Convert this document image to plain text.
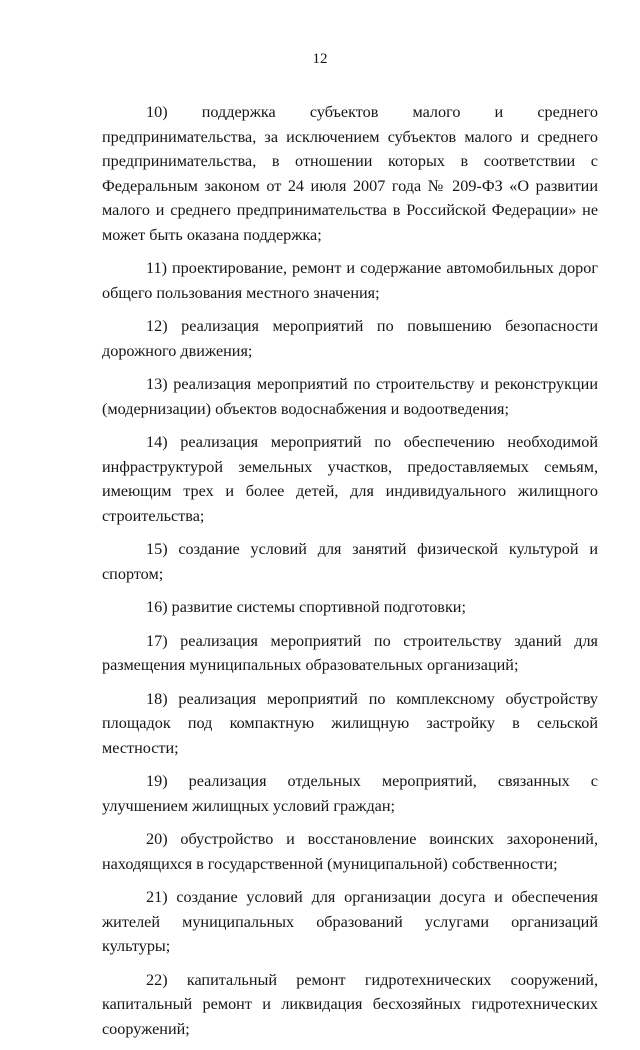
12

10) поддержка субъектов малого и среднего предпринимательства, за исключением субъектов малого и среднего предпринимательства, в отношении которых в соответствии с Федеральным законом от 24 июля 2007 года № 209-ФЗ «О развитии малого и среднего предпринимательства в Российской Федерации» не может быть оказана поддержка;

11) проектирование, ремонт и содержание автомобильных дорог общего пользования местного значения;

12) реализация мероприятий по повышению безопасности дорожного движения;

13) реализация мероприятий по строительству и реконструкции (модернизации) объектов водоснабжения и водоотведения;

14) реализация мероприятий по обеспечению необходимой инфраструктурой земельных участков, предоставляемых семьям, имеющим трех и более детей, для индивидуального жилищного строительства;

15) создание условий для занятий физической культурой и спортом;

16) развитие системы спортивной подготовки;

17) реализация мероприятий по строительству зданий для размещения муниципальных образовательных организаций;

18) реализация мероприятий по комплексному обустройству площадок под компактную жилищную застройку в сельской местности;

19) реализация отдельных мероприятий, связанных с улучшением жилищных условий граждан;

20) обустройство и восстановление воинских захоронений, находящихся в государственной (муниципальной) собственности;

21) создание условий для организации досуга и обеспечения жителей муниципальных образований услугами организаций культуры;

22) капитальный ремонт гидротехнических сооружений, капитальный ремонт и ликвидация бесхозяйных гидротехнических сооружений;
